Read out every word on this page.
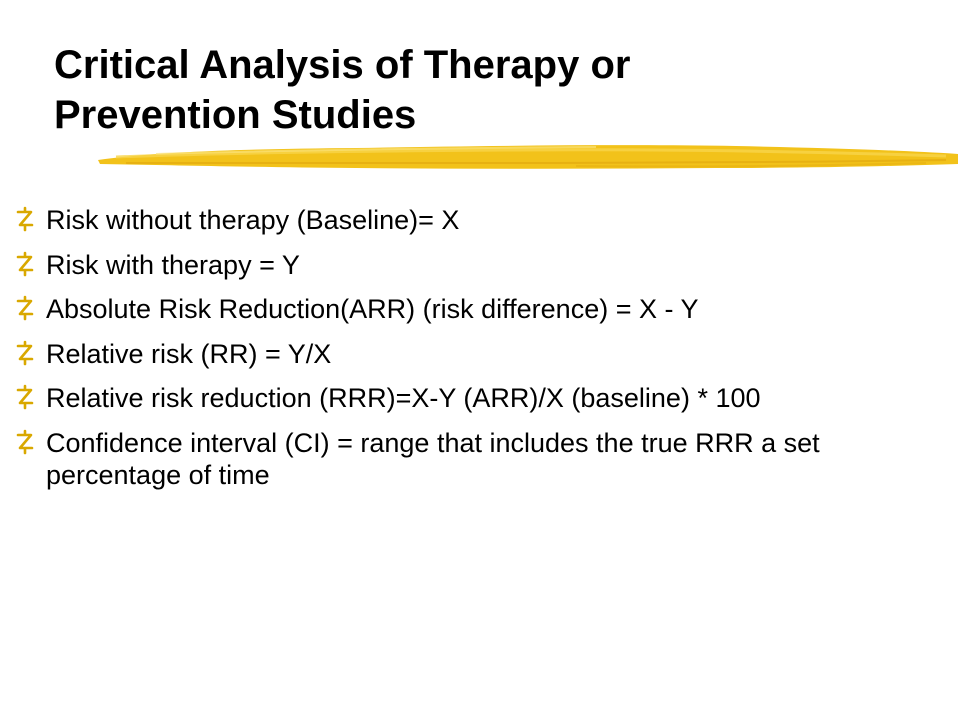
Critical Analysis of Therapy or
Prevention Studies
Risk without therapy (Baseline)= X
Risk with therapy = Y
Absolute Risk Reduction(ARR) (risk difference) = X - Y
Relative risk (RR) = Y/X
Relative risk reduction (RRR)=X-Y (ARR)/X (baseline) * 100
Confidence interval (CI) = range that includes the true RRR a set percentage of time
